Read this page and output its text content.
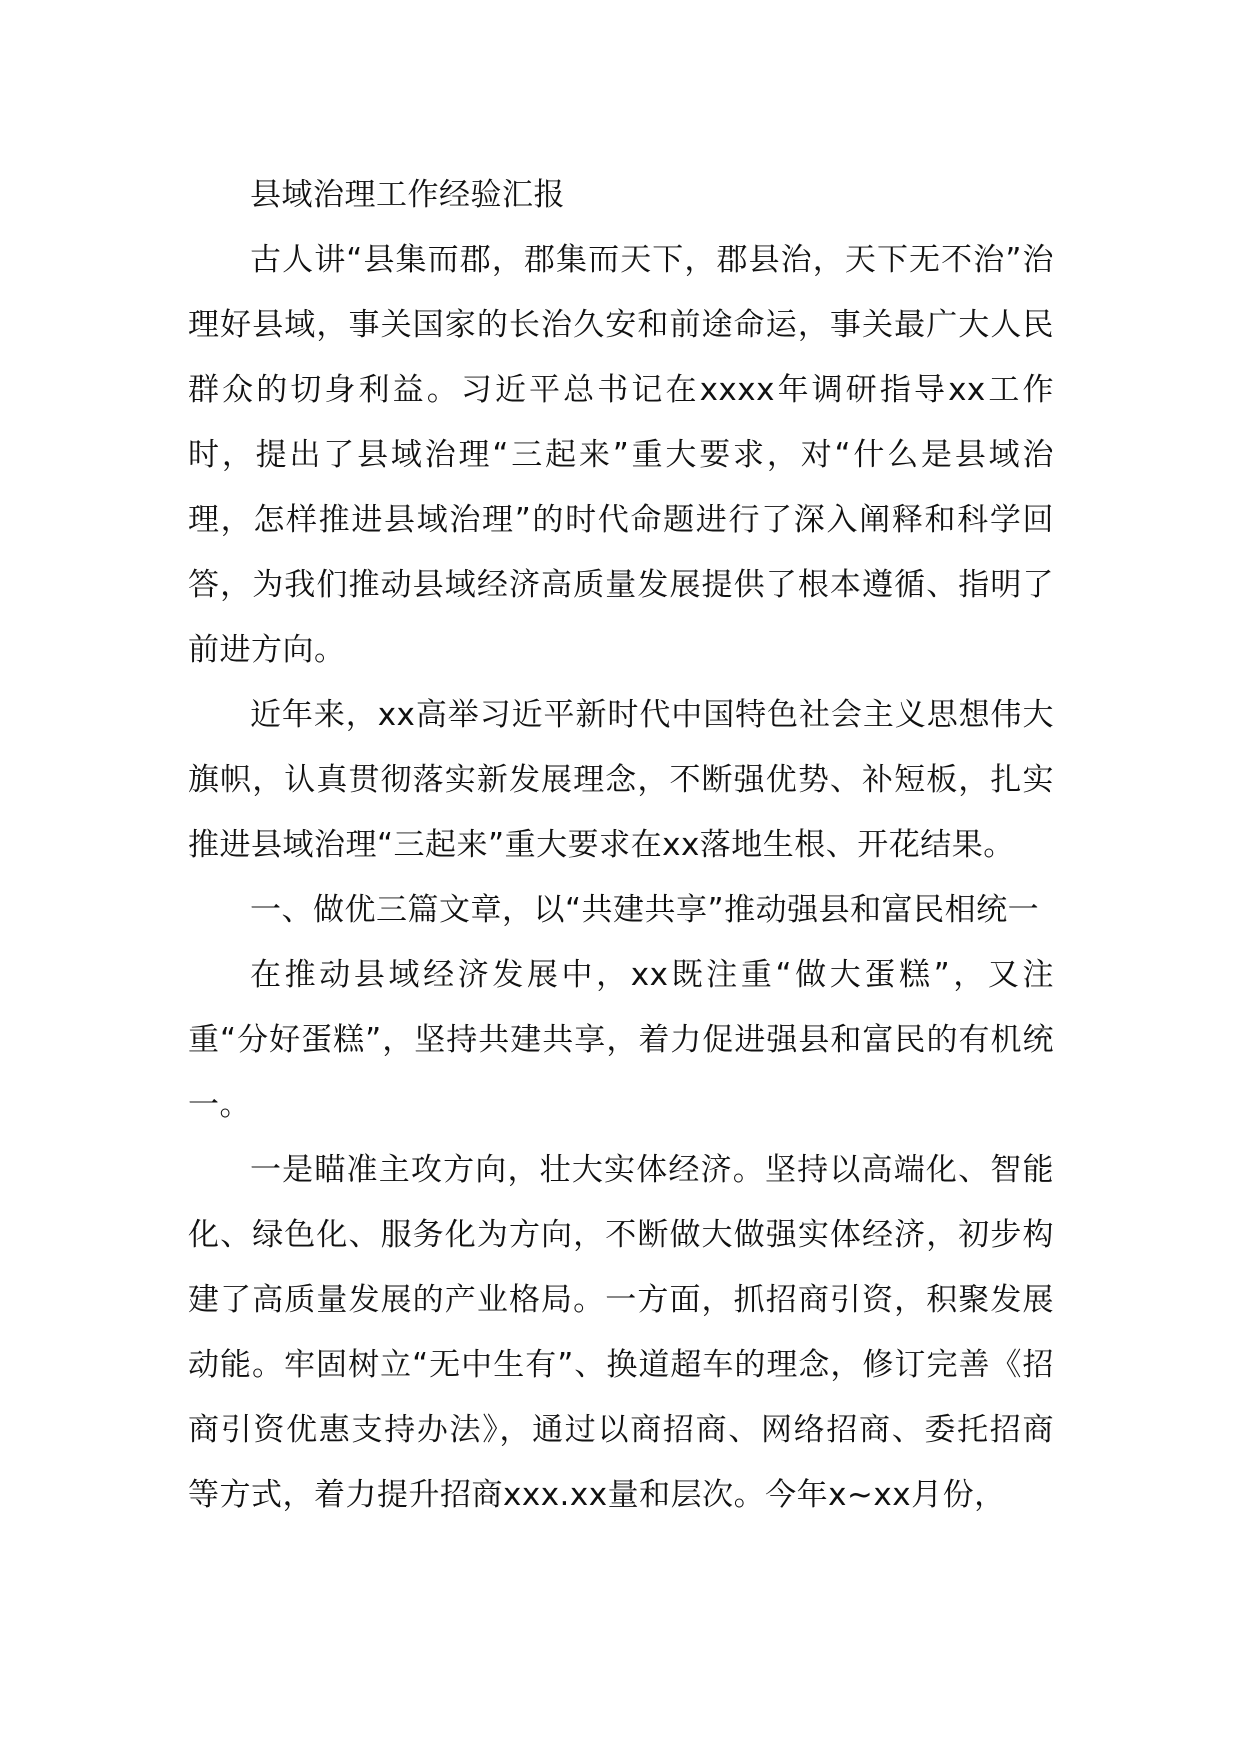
县域治理工作经验汇报

古人讲“县集而郡，郡集而天下，郡县治，天下无不治”治理好县域，事关国家的长治久安和前途命运，事关最广大人民群众的切身利益。习近平总书记在xxxx年调研指导xx工作时，提出了县域治理“三起来”重大要求，对“什么是县域治理，怎样推进县域治理”的时代命题进行了深入阐释和科学回答，为我们推动县域经济高质量发展提供了根本遵循、指明了前进方向。

近年来，xx高举习近平新时代中国特色社会主义思想伟大旗帜，认真贯彻落实新发展理念，不断强优势、补短板，扎实推进县域治理“三起来”重大要求在xx落地生根、开花结果。

一、做优三篇文章，以“共建共享”推动强县和富民相统一

在推动县域经济发展中，xx既注重“做大蛋糕”，又注重“分好蛋糕”，坚持共建共享，着力促进强县和富民的有机统一。

一是瞄准主攻方向，壮大实体经济。坚持以高端化、智能化、绿色化、服务化为方向，不断做大做强实体经济，初步构建了高质量发展的产业格局。一方面，抓招商引资，积聚发展动能。牢固树立“无中生有”、换道超车的理念，修订完善《招商引资优惠支持办法》，通过以商招商、网络招商、委托招商等方式，着力提升招商xxx.xx量和层次。今年x~xx月份，
